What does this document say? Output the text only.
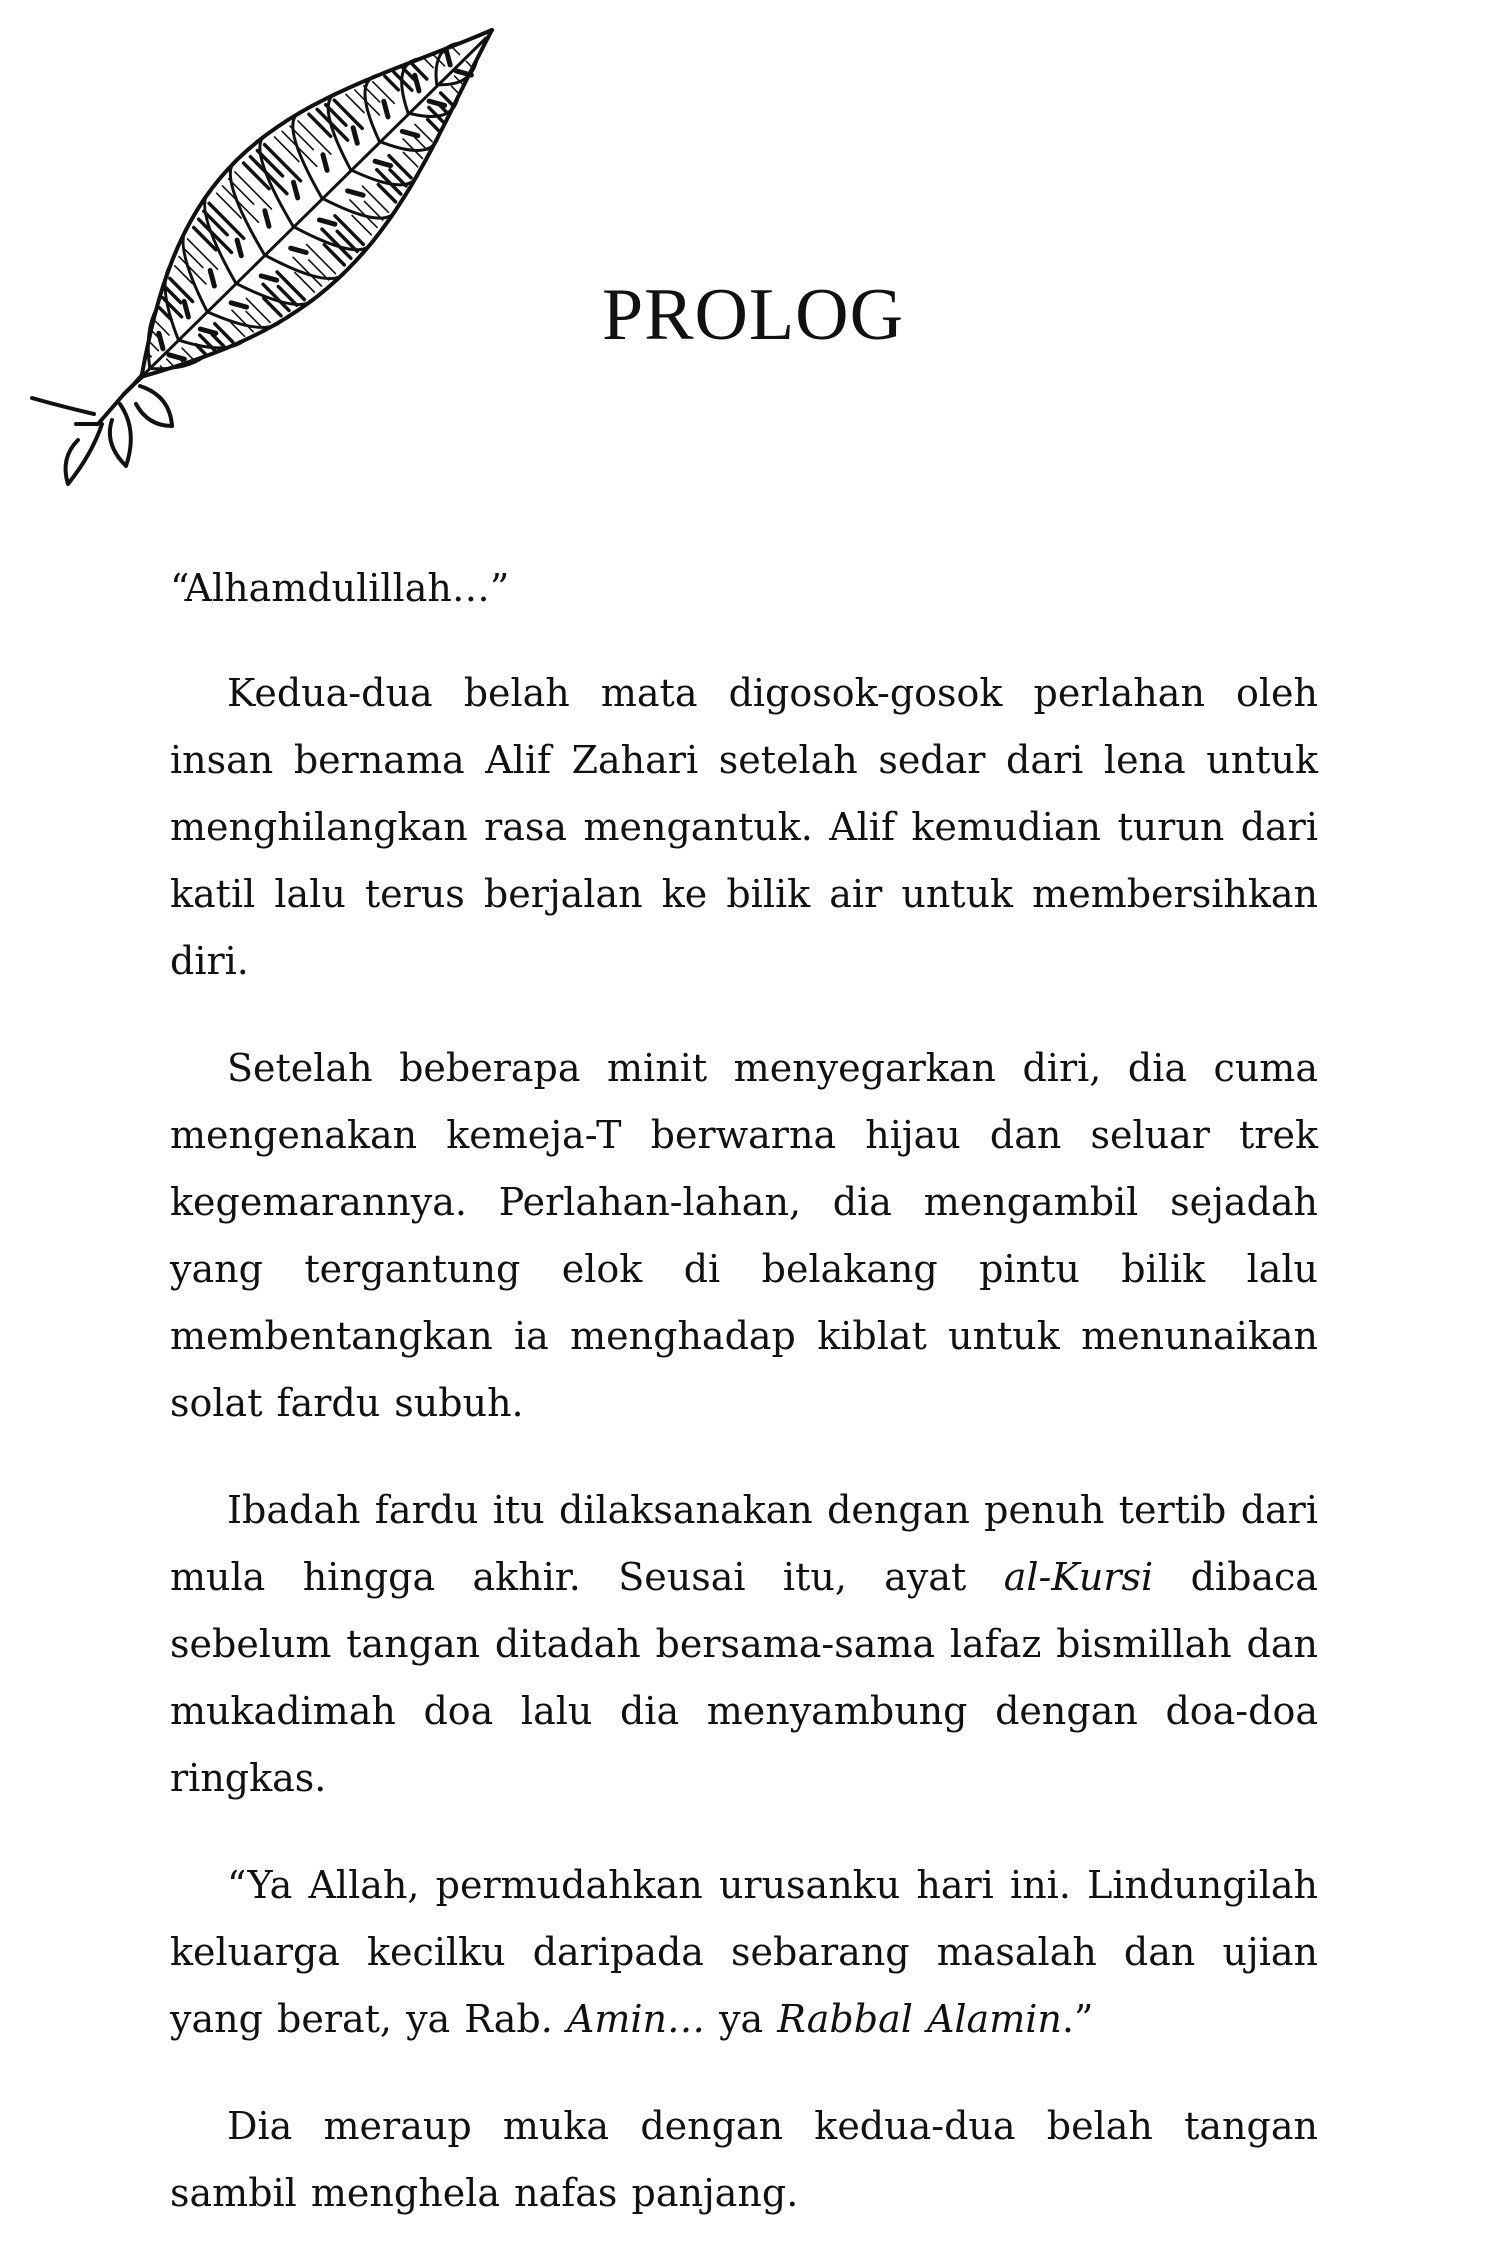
PROLOG

“Alhamdulillah…”

Kedua-dua belah mata digosok-gosok perlahan oleh insan bernama Alif Zahari setelah sedar dari lena untuk menghilangkan rasa mengantuk. Alif kemudian turun dari katil lalu terus berjalan ke bilik air untuk membersihkan diri.

Setelah beberapa minit menyegarkan diri, dia cuma mengenakan kemeja-T berwarna hijau dan seluar trek kegemarannya. Perlahan-lahan, dia mengambil sejadah yang tergantung elok di belakang pintu bilik lalu membentangkan ia menghadap kiblat untuk menunaikan solat fardu subuh.

Ibadah fardu itu dilaksanakan dengan penuh tertib dari mula hingga akhir. Seusai itu, ayat al-Kursi dibaca sebelum tangan ditadah bersama-sama lafaz bismillah dan mukadimah doa lalu dia menyambung dengan doa-doa ringkas.

“Ya Allah, permudahkan urusanku hari ini. Lindungilah keluarga kecilku daripada sebarang masalah dan ujian yang berat, ya Rab. Amin… ya Rabbal Alamin.”

Dia meraup muka dengan kedua-dua belah tangan sambil menghela nafas panjang.
